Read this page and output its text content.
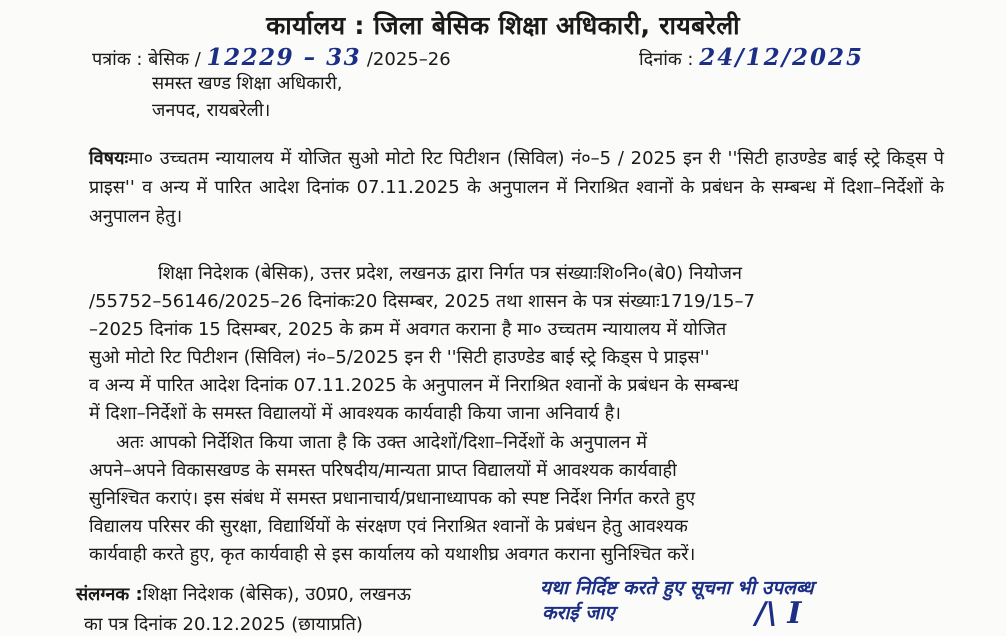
कार्यालय : जिला बेसिक शिक्षा अधिकारी, रायबरेली
पत्रांक : बेसिक / 12229 – 33 /2025–26	दिनांक : 24/12/2025
समस्त खण्ड शिक्षा अधिकारी,
जनपद, रायबरेली।
विषयःमा० उच्चतम न्यायालय में योजित सुओ मोटो रिट पिटीशन (सिविल) नं०–5 / 2025 इन री ''सिटी हाउण्डेड बाई स्ट्रे किड्स पे प्राइस'' व अन्य में पारित आदेश दिनांक 07.11.2025 के अनुपालन में निराश्रित श्वानों के प्रबंधन के सम्बन्ध में दिशा–निर्देशों के अनुपालन हेतु।
शिक्षा निदेशक (बेसिक), उत्तर प्रदेश, लखनऊ द्वारा निर्गत पत्र संख्याःशि०नि०(बे0) नियोजन
/55752–56146/2025–26 दिनांकः20 दिसम्बर, 2025 तथा शासन के पत्र संख्याः1719/15–7
–2025 दिनांक 15 दिसम्बर, 2025 के क्रम में अवगत कराना है मा० उच्चतम न्यायालय में योजित
सुओ मोटो रिट पिटीशन (सिविल) नं०–5/2025 इन री ''सिटी हाउण्डेड बाई स्ट्रे किड्स पे प्राइस''
व अन्य में पारित आदेश दिनांक 07.11.2025 के अनुपालन में निराश्रित श्वानों के प्रबंधन के सम्बन्ध
में दिशा–निर्देशों के समस्त विद्यालयों में आवश्यक कार्यवाही किया जाना अनिवार्य है।
अतः आपको निर्देशित किया जाता है कि उक्त आदेशों/दिशा–निर्देशों के अनुपालन में
अपने–अपने विकासखण्ड के समस्त परिषदीय/मान्यता प्राप्त विद्यालयों में आवश्यक कार्यवाही
सुनिश्चित कराएं। इस संबंध में समस्त प्रधानाचार्य/प्रधानाध्यापक को स्पष्ट निर्देश निर्गत करते हुए
विद्यालय परिसर की सुरक्षा, विद्यार्थियों के संरक्षण एवं निराश्रित श्वानों के प्रबंधन हेतु आवश्यक
कार्यवाही करते हुए, कृत कार्यवाही से इस कार्यालय को यथाशीघ्र अवगत कराना सुनिश्चित करें।
संलग्नक :शिक्षा निदेशक (बेसिक), उ0प्र0, लखनऊ
का पत्र दिनांक 20.12.2025 (छायाप्रति)
यथा निर्दिष्ट करते हुए सूचना भी उपलब्ध
कराई जाए	/\ I
